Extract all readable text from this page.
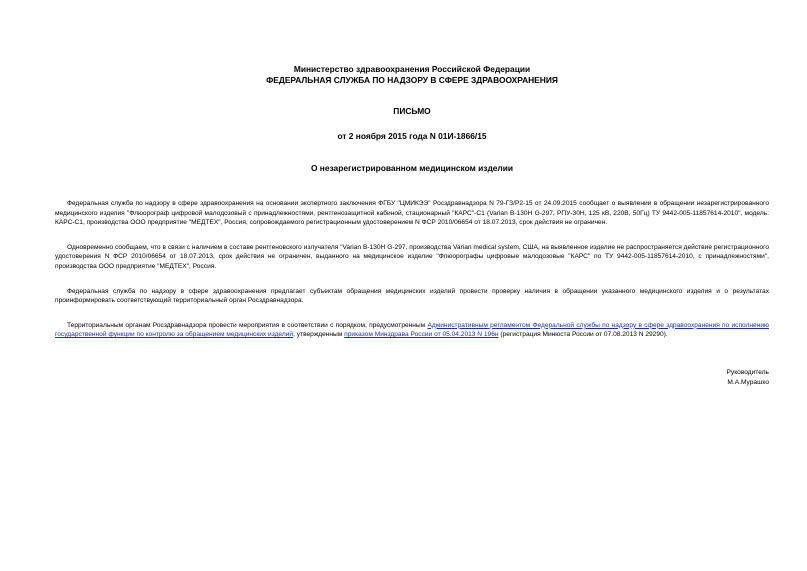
Министерство здравоохранения Российской Федерации
ФЕДЕРАЛЬНАЯ СЛУЖБА ПО НАДЗОРУ В СФЕРЕ ЗДРАВООХРАНЕНИЯ
ПИСЬМО
от 2 ноября 2015 года N 01И-1866/15
О незарегистрированном медицинском изделии

Федеральная служба по надзору в сфере здравоохранения на основании экспертного заключения ФГБУ "ЦМИКЭЭ" Росздравнадзора N 79-ГЗ/Р2-15 от 24.09.2015 сообщает о выявлении в обращении незарегистрированного медицинского изделия "Флюорограф цифровой малодозовый с принадлежностями, рентгенозащитной кабиной, стационарный "КАРС"-С1 (Varian B-130H G-297, РПУ-30Н, 125 кВ, 220В, 50Гц) ТУ 9442-005-11857614-2010", модель: КАРС-С1, производства ООО предприятие "МЕДТЕХ", Россия, сопровождаемого регистрационным удостоверением N ФСР 2010/06654 от 18.07.2013, срок действия не ограничен.

Одновременно сообщаем, что в связи с наличием в составе рентгеновского излучателя "Varian B-130H G-297, производства Varian medical system, США, на выявленное изделие не распространяется действие регистрационного удостоверения N ФСР 2010/06654 от 18.07.2013, срок действия не ограничен, выданного на медицинское изделие "Флюорографы цифровые малодозовые "КАРС" по ТУ 9442-005-11857614-2010, с принадлежностями", производства ООО предприятие "МЕДТЕХ", Россия.

Федеральная служба по надзору в сфере здравоохранения предлагает субъектам обращения медицинских изделий провести проверку наличия в обращении указанного медицинского изделия и о результатах проинформировать соответствующий территориальный орган Росздравнадзора.

Территориальным органам Росздравнадзора провести мероприятия в соответствии с порядком, предусмотренным Административным регламентом Федеральной службы по надзору в сфере здравоохранения по исполнению государственной функции по контролю за обращением медицинских изделий, утвержденным приказом Минздрава России от 05.04.2013 N 196н (регистрация Минюста России от 07.08.2013 N 29290).

Руководитель
М.А.Мурашко
